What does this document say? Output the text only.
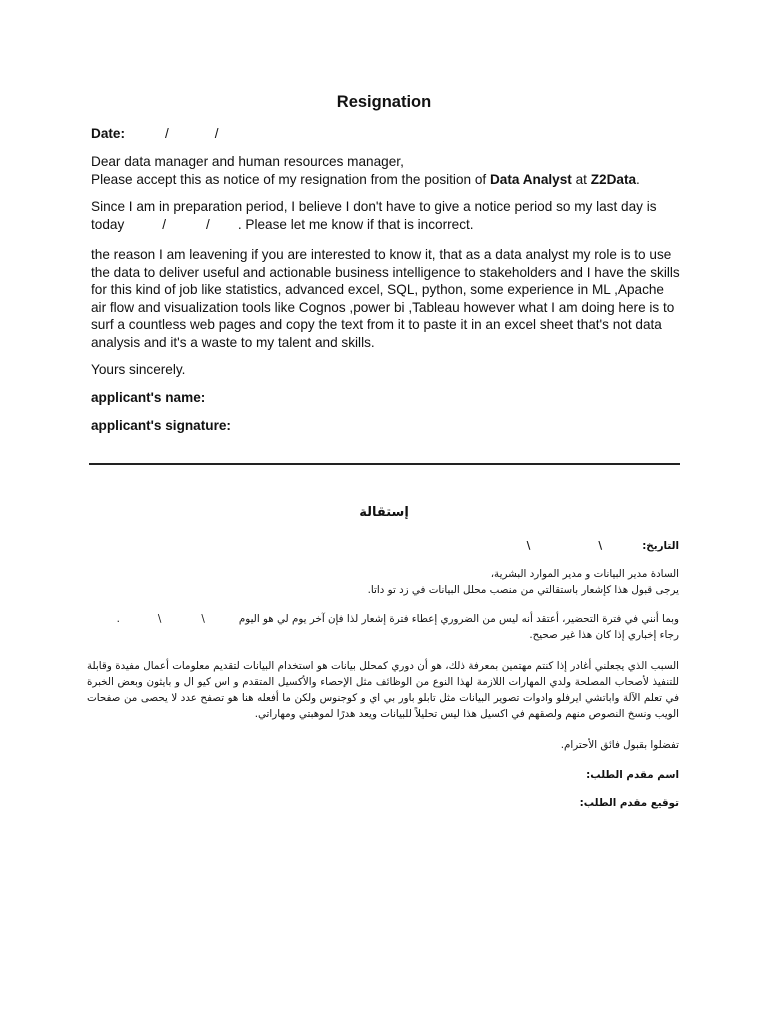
Resignation
Date:	/	/
Dear data manager and human resources manager,
Please accept this as notice of my resignation from the position of Data Analyst at Z2Data.
Since I am in preparation period, I believe I don't have to give a notice period so my last day is
today	/	/ . Please let me know if that is incorrect.
the reason I am leavening if you are interested to know it, that as a data analyst my role is to use the data to deliver useful and actionable business intelligence to stakeholders and I have the skills for this kind of job like statistics, advanced excel, SQL, python, some experience in ML ,Apache air flow and visualization tools like Cognos ,power bi ,Tableau however what I am doing here is to surf a countless web pages and copy the text from it to paste it in an excel sheet that's not data analysis and it's a waste to my talent and skills.
Yours sincerely.
applicant's name:
applicant's signature:
إستقالة
التاريخ:\\
السادة مدير البيانات و مدير الموارد البشرية،
يرجى قبول هذا كإشعار باستقالتي من منصب محلل البيانات في زد تو داتا.
وبما أنني في فترة التحضير، أعتقد أنه ليس من الضروري إعطاء فترة إشعار لذا فإن آخر يوم لي هو اليوم\\.
رجاء إخباري إذا كان هذا غير صحيح.
السبب الذي يجعلني أغادر إذا كنتم مهتمين بمعرفة ذلك، هو أن دوري كمحلل بيانات هو استخدام البيانات لتقديم معلومات أعمال مفيدة وقابلة للتنفيذ لأصحاب المصلحة ولدي المهارات اللازمة لهذا النوع من الوظائف مثل الإحصاء والأكسيل المتقدم و اس كيو ال و بايثون وبعض الخبرة في تعلم الآلة واباتشي ايرفلو وادوات تصوير البيانات مثل تابلو باور بي اي و كوجنوس ولكن ما أفعله هنا هو تصفح عدد لا يحصى من صفحات الويب ونسخ النصوص منهم ولصقهم في اكسيل هذا ليس تحليلاً للبيانات ويعد هدرًا لموهبتي ومهاراتي.
تفضلوا بقبول فائق الأحترام.
اسم مقدم الطلب:
توقيع مقدم الطلب:
